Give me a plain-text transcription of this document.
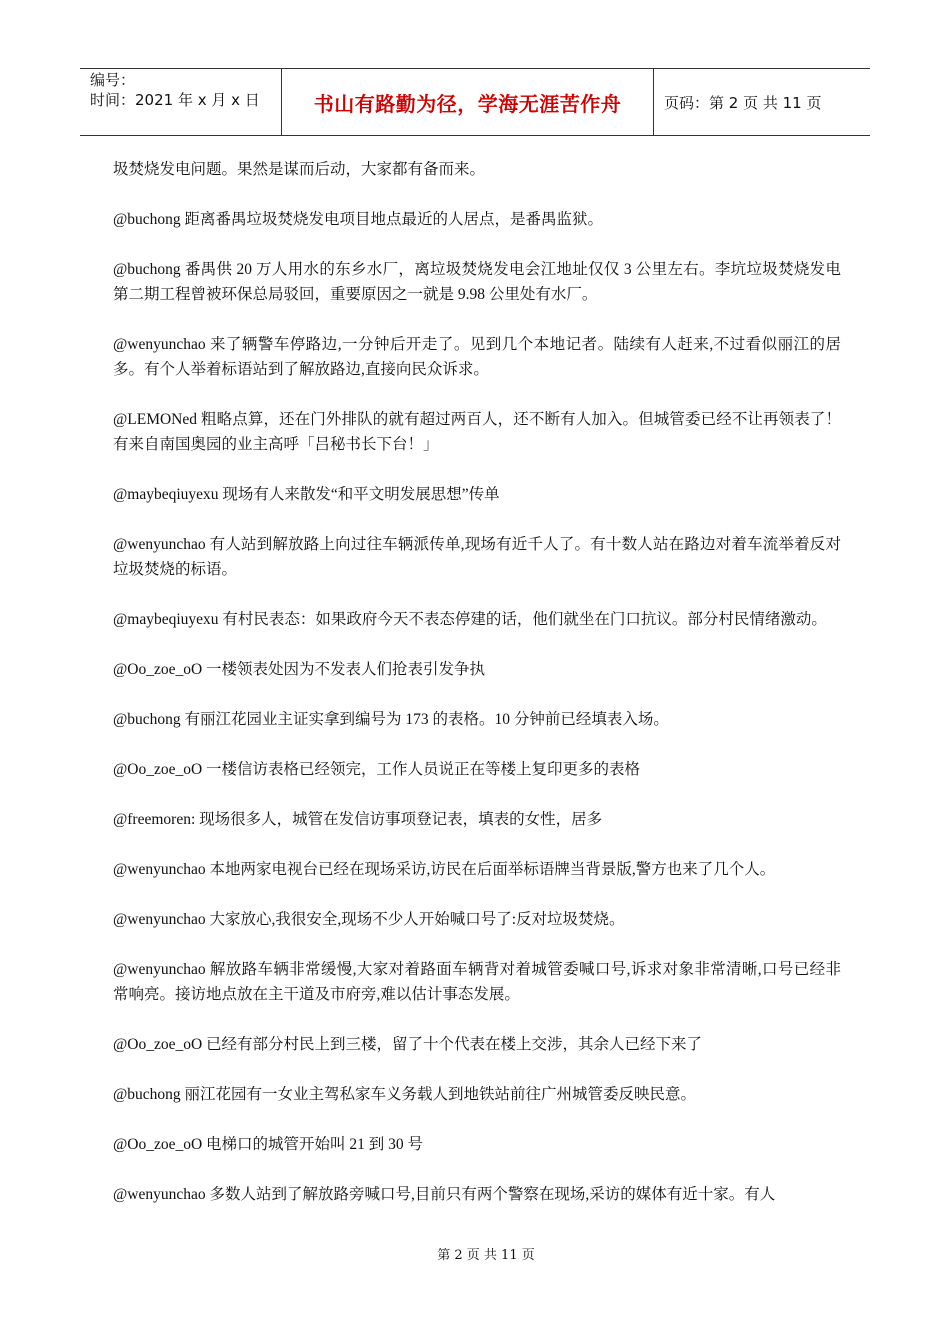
编号：
时间：2021 年 x 月 x 日	书山有路勤为径，学海无涯苦作舟	页码：第 2 页 共 11 页

圾焚烧发电问题。果然是谋而后动，大家都有备而来。

@buchong 距离番禺垃圾焚烧发电项目地点最近的人居点，是番禺监狱。

@buchong 番禺供 20 万人用水的东乡水厂，离垃圾焚烧发电会江地址仅仅 3 公里左右。李坑垃圾焚烧发电第二期工程曾被环保总局驳回，重要原因之一就是 9.98 公里处有水厂。

@wenyunchao 来了辆警车停路边,一分钟后开走了。见到几个本地记者。陆续有人赶来,不过看似丽江的居多。有个人举着标语站到了解放路边,直接向民众诉求。

@LEMONed 粗略点算，还在门外排队的就有超过两百人，还不断有人加入。但城管委已经不让再领表了！有来自南国奥园的业主高呼「吕秘书长下台！」

@maybeqiuyexu 现场有人来散发“和平文明发展思想”传单

@wenyunchao 有人站到解放路上向过往车辆派传单,现场有近千人了。有十数人站在路边对着车流举着反对垃圾焚烧的标语。

@maybeqiuyexu 有村民表态：如果政府今天不表态停建的话，他们就坐在门口抗议。部分村民情绪激动。

@Oo_zoe_oO 一楼领表处因为不发表人们抢表引发争执

@buchong 有丽江花园业主证实拿到编号为 173 的表格。10 分钟前已经填表入场。

@Oo_zoe_oO 一楼信访表格已经领完，工作人员说正在等楼上复印更多的表格

@freemoren: 现场很多人，城管在发信访事项登记表，填表的女性，居多

@wenyunchao 本地两家电视台已经在现场采访,访民在后面举标语牌当背景版,警方也来了几个人。

@wenyunchao 大家放心,我很安全,现场不少人开始喊口号了:反对垃圾焚烧。

@wenyunchao 解放路车辆非常缓慢,大家对着路面车辆背对着城管委喊口号,诉求对象非常清晰,口号已经非常响亮。接访地点放在主干道及市府旁,难以估计事态发展。

@Oo_zoe_oO 已经有部分村民上到三楼，留了十个代表在楼上交涉，其余人已经下来了

@buchong 丽江花园有一女业主驾私家车义务载人到地铁站前往广州城管委反映民意。

@Oo_zoe_oO 电梯口的城管开始叫 21 到 30 号

@wenyunchao 多数人站到了解放路旁喊口号,目前只有两个警察在现场,采访的媒体有近十家。有人

第 2 页 共 11 页
